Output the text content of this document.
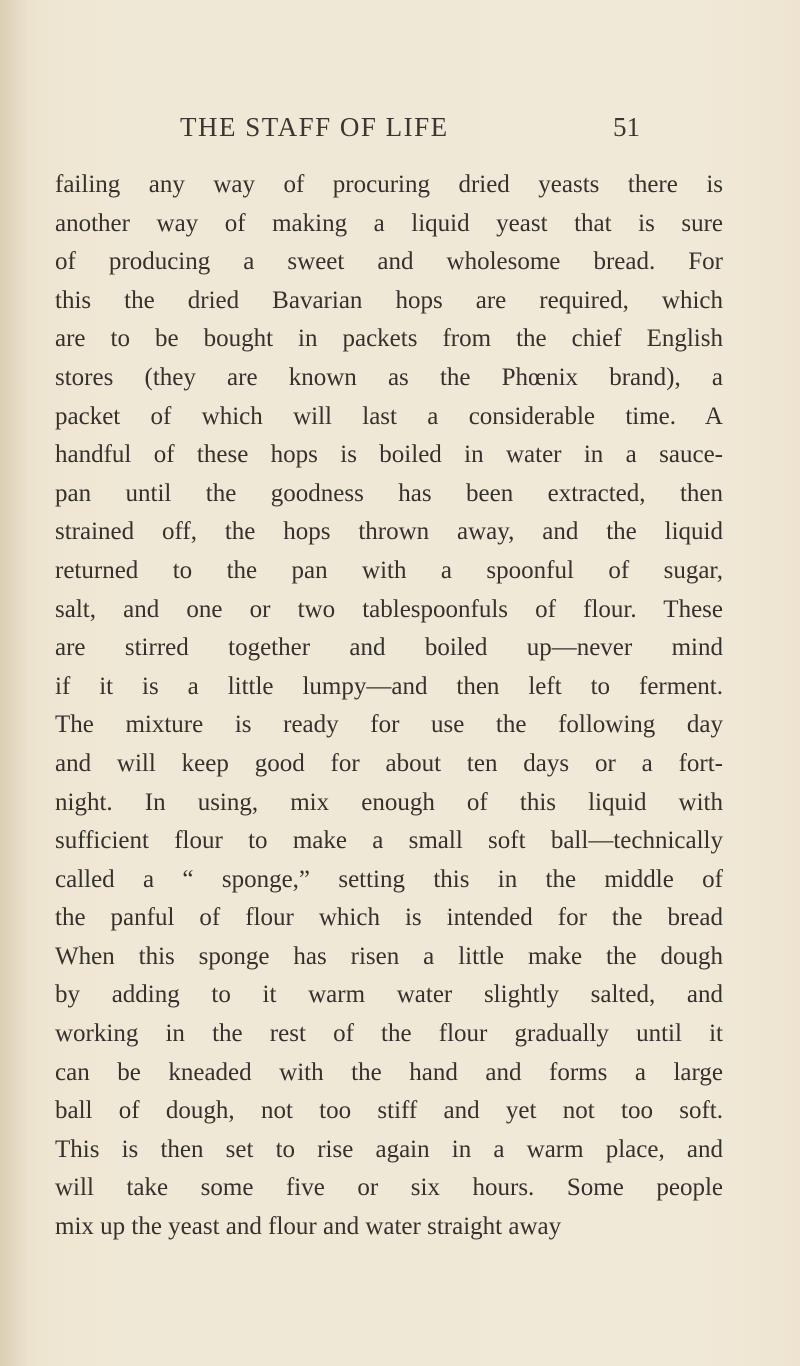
THE STAFF OF LIFE	51
failing any way of procuring dried yeasts there is
another way of making a liquid yeast that is sure
of producing a sweet and wholesome bread. For
this the dried Bavarian hops are required, which
are to be bought in packets from the chief English
stores (they are known as the Phœnix brand), a
packet of which will last a considerable time. A
handful of these hops is boiled in water in a sauce-
pan until the goodness has been extracted, then
strained off, the hops thrown away, and the liquid
returned to the pan with a spoonful of sugar,
salt, and one or two tablespoonfuls of flour. These
are stirred together and boiled up—never mind
if it is a little lumpy—and then left to ferment.
The mixture is ready for use the following day
and will keep good for about ten days or a fort-
night. In using, mix enough of this liquid with
sufficient flour to make a small soft ball—technically
called a “ sponge,” setting this in the middle of
the panful of flour which is intended for the bread
When this sponge has risen a little make the dough
by adding to it warm water slightly salted, and
working in the rest of the flour gradually until it
can be kneaded with the hand and forms a large
ball of dough, not too stiff and yet not too soft.
This is then set to rise again in a warm place, and
will take some five or six hours. Some people
mix up the yeast and flour and water straight away
